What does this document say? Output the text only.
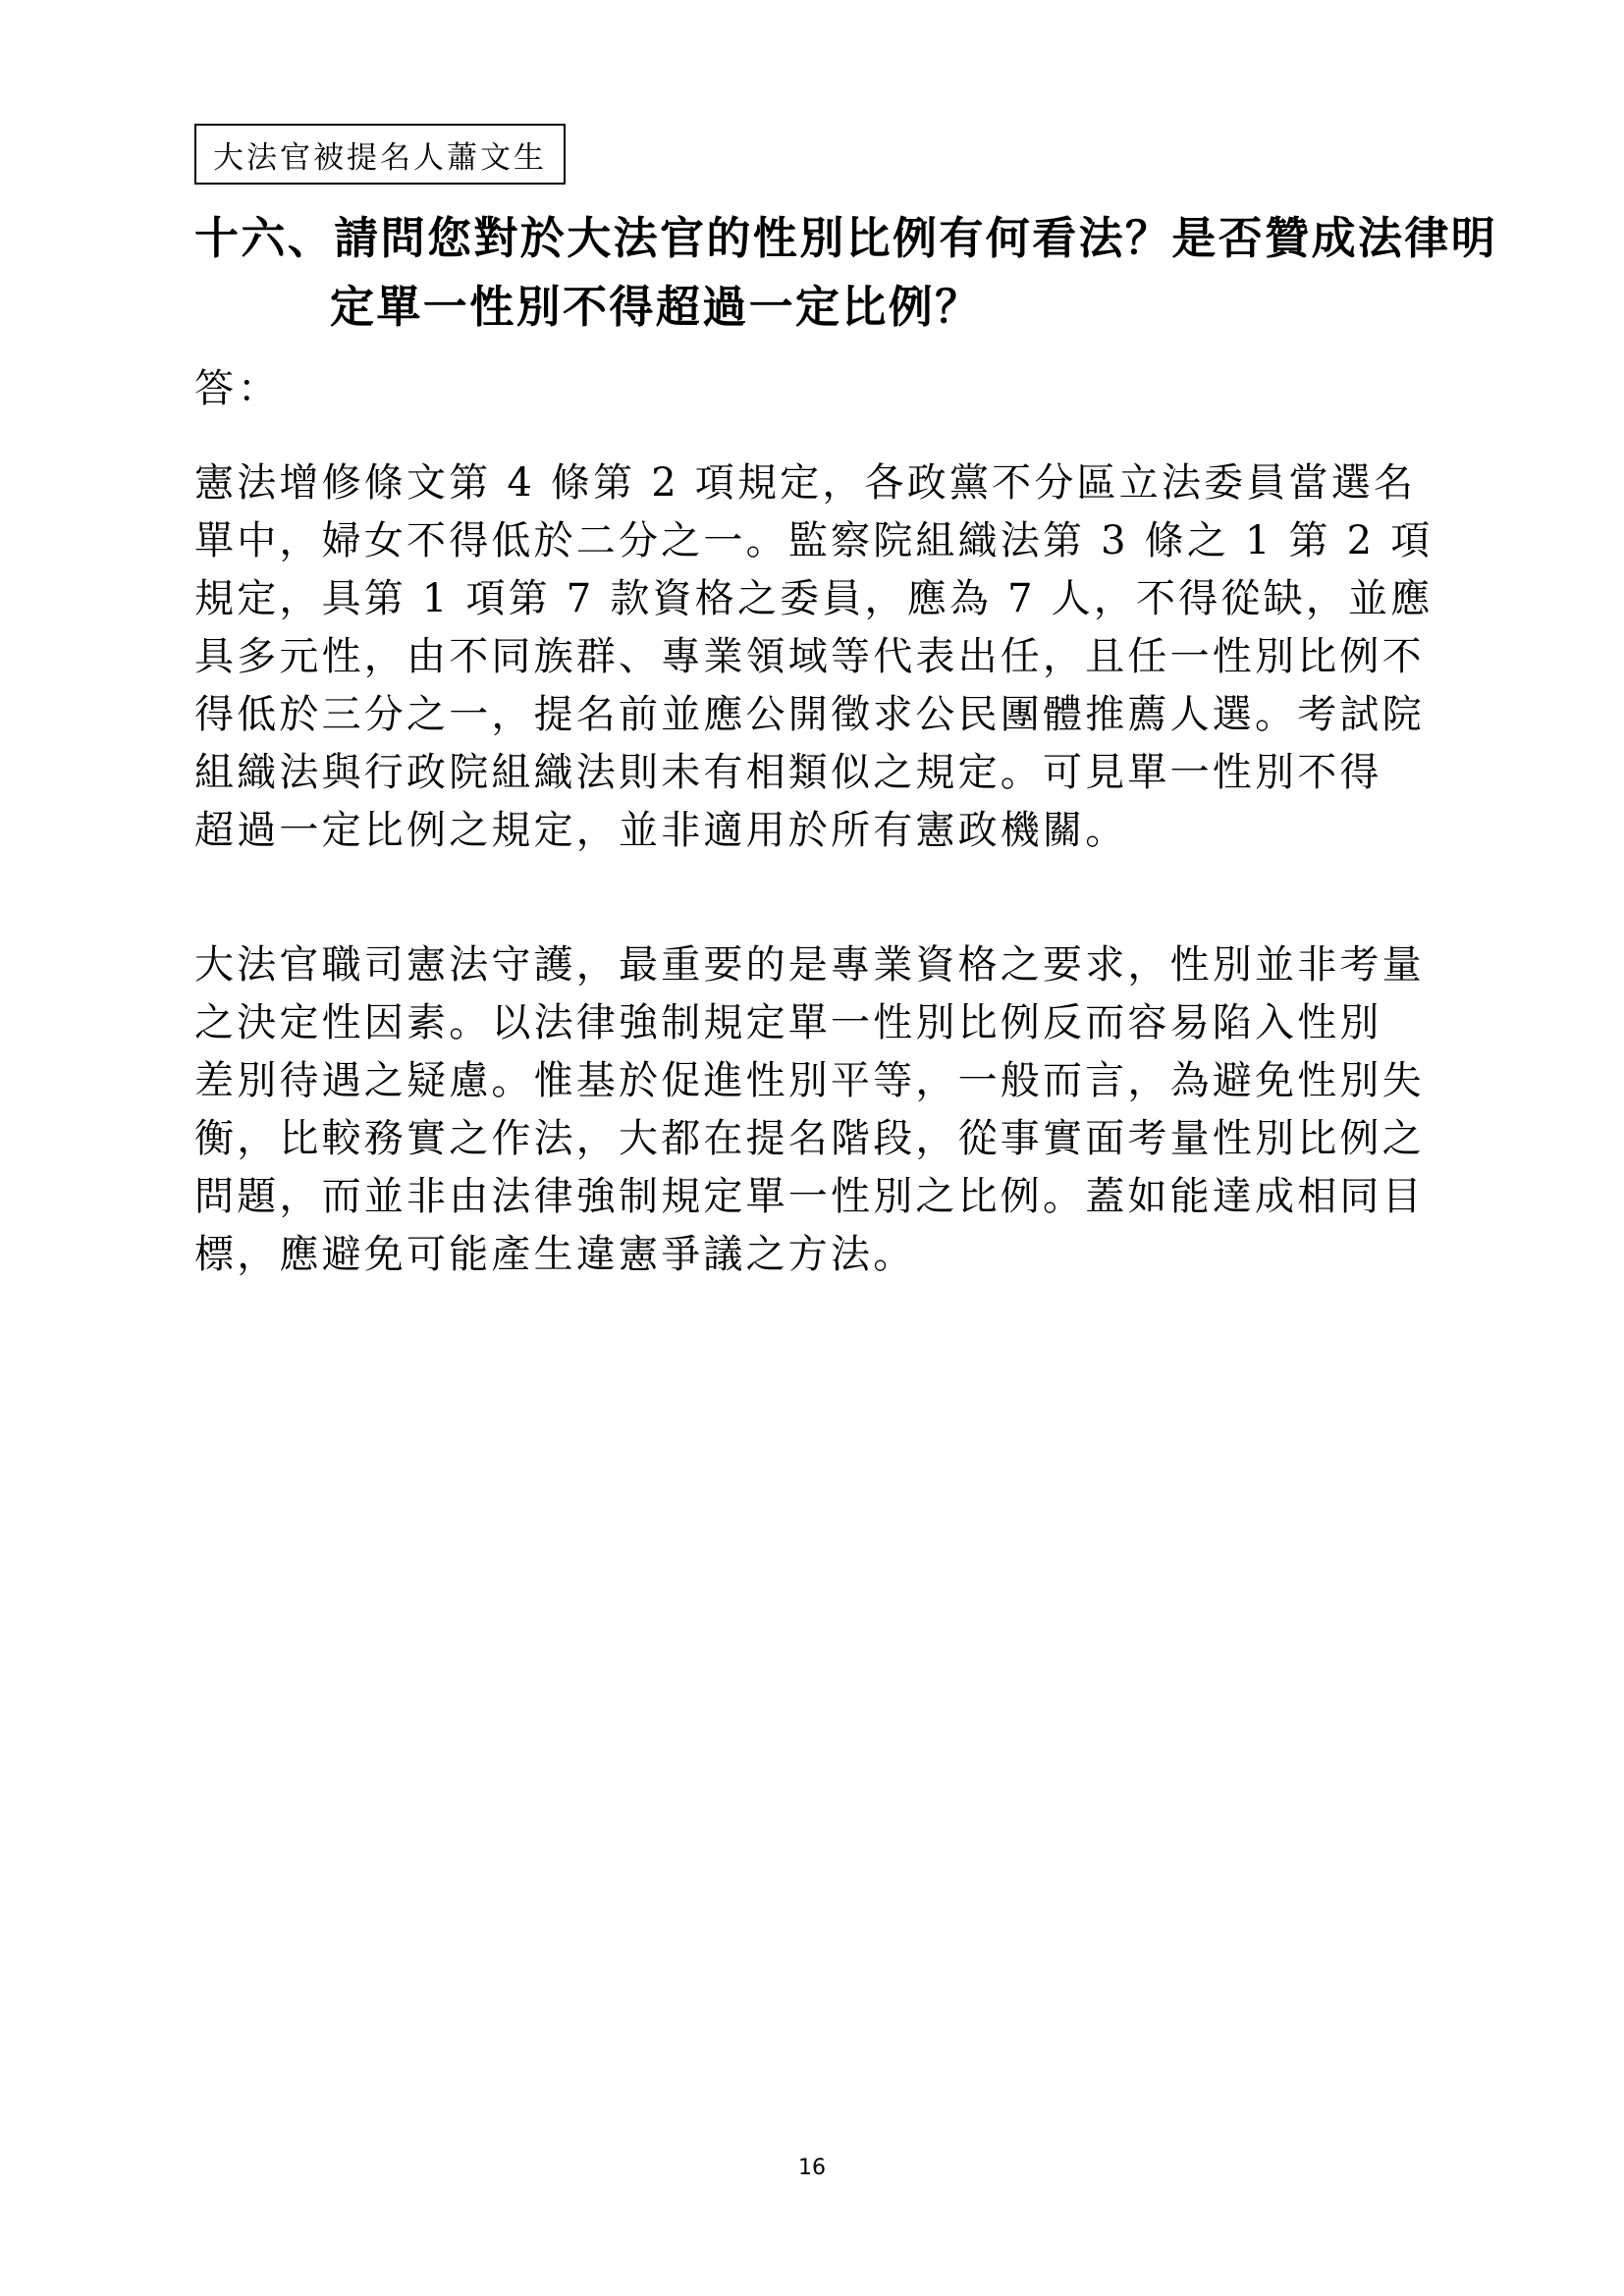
大法官被提名人蕭文生
十六、請問您對於大法官的性別比例有何看法？是否贊成法律明
定單一性別不得超過一定比例？
答：
憲法增修條文第 4 條第 2 項規定，各政黨不分區立法委員當選名
單中，婦女不得低於二分之一。監察院組織法第 3 條之 1 第 2 項
規定，具第 1 項第 7 款資格之委員，應為 7 人，不得從缺，並應
具多元性，由不同族群、專業領域等代表出任，且任一性別比例不
得低於三分之一，提名前並應公開徵求公民團體推薦人選。考試院
組織法與行政院組織法則未有相類似之規定。可見單一性別不得
超過一定比例之規定，並非適用於所有憲政機關。
大法官職司憲法守護，最重要的是專業資格之要求，性別並非考量
之決定性因素。以法律強制規定單一性別比例反而容易陷入性別
差別待遇之疑慮。惟基於促進性別平等，一般而言，為避免性別失
衡，比較務實之作法，大都在提名階段，從事實面考量性別比例之
問題，而並非由法律強制規定單一性別之比例。蓋如能達成相同目
標，應避免可能產生違憲爭議之方法。
16
